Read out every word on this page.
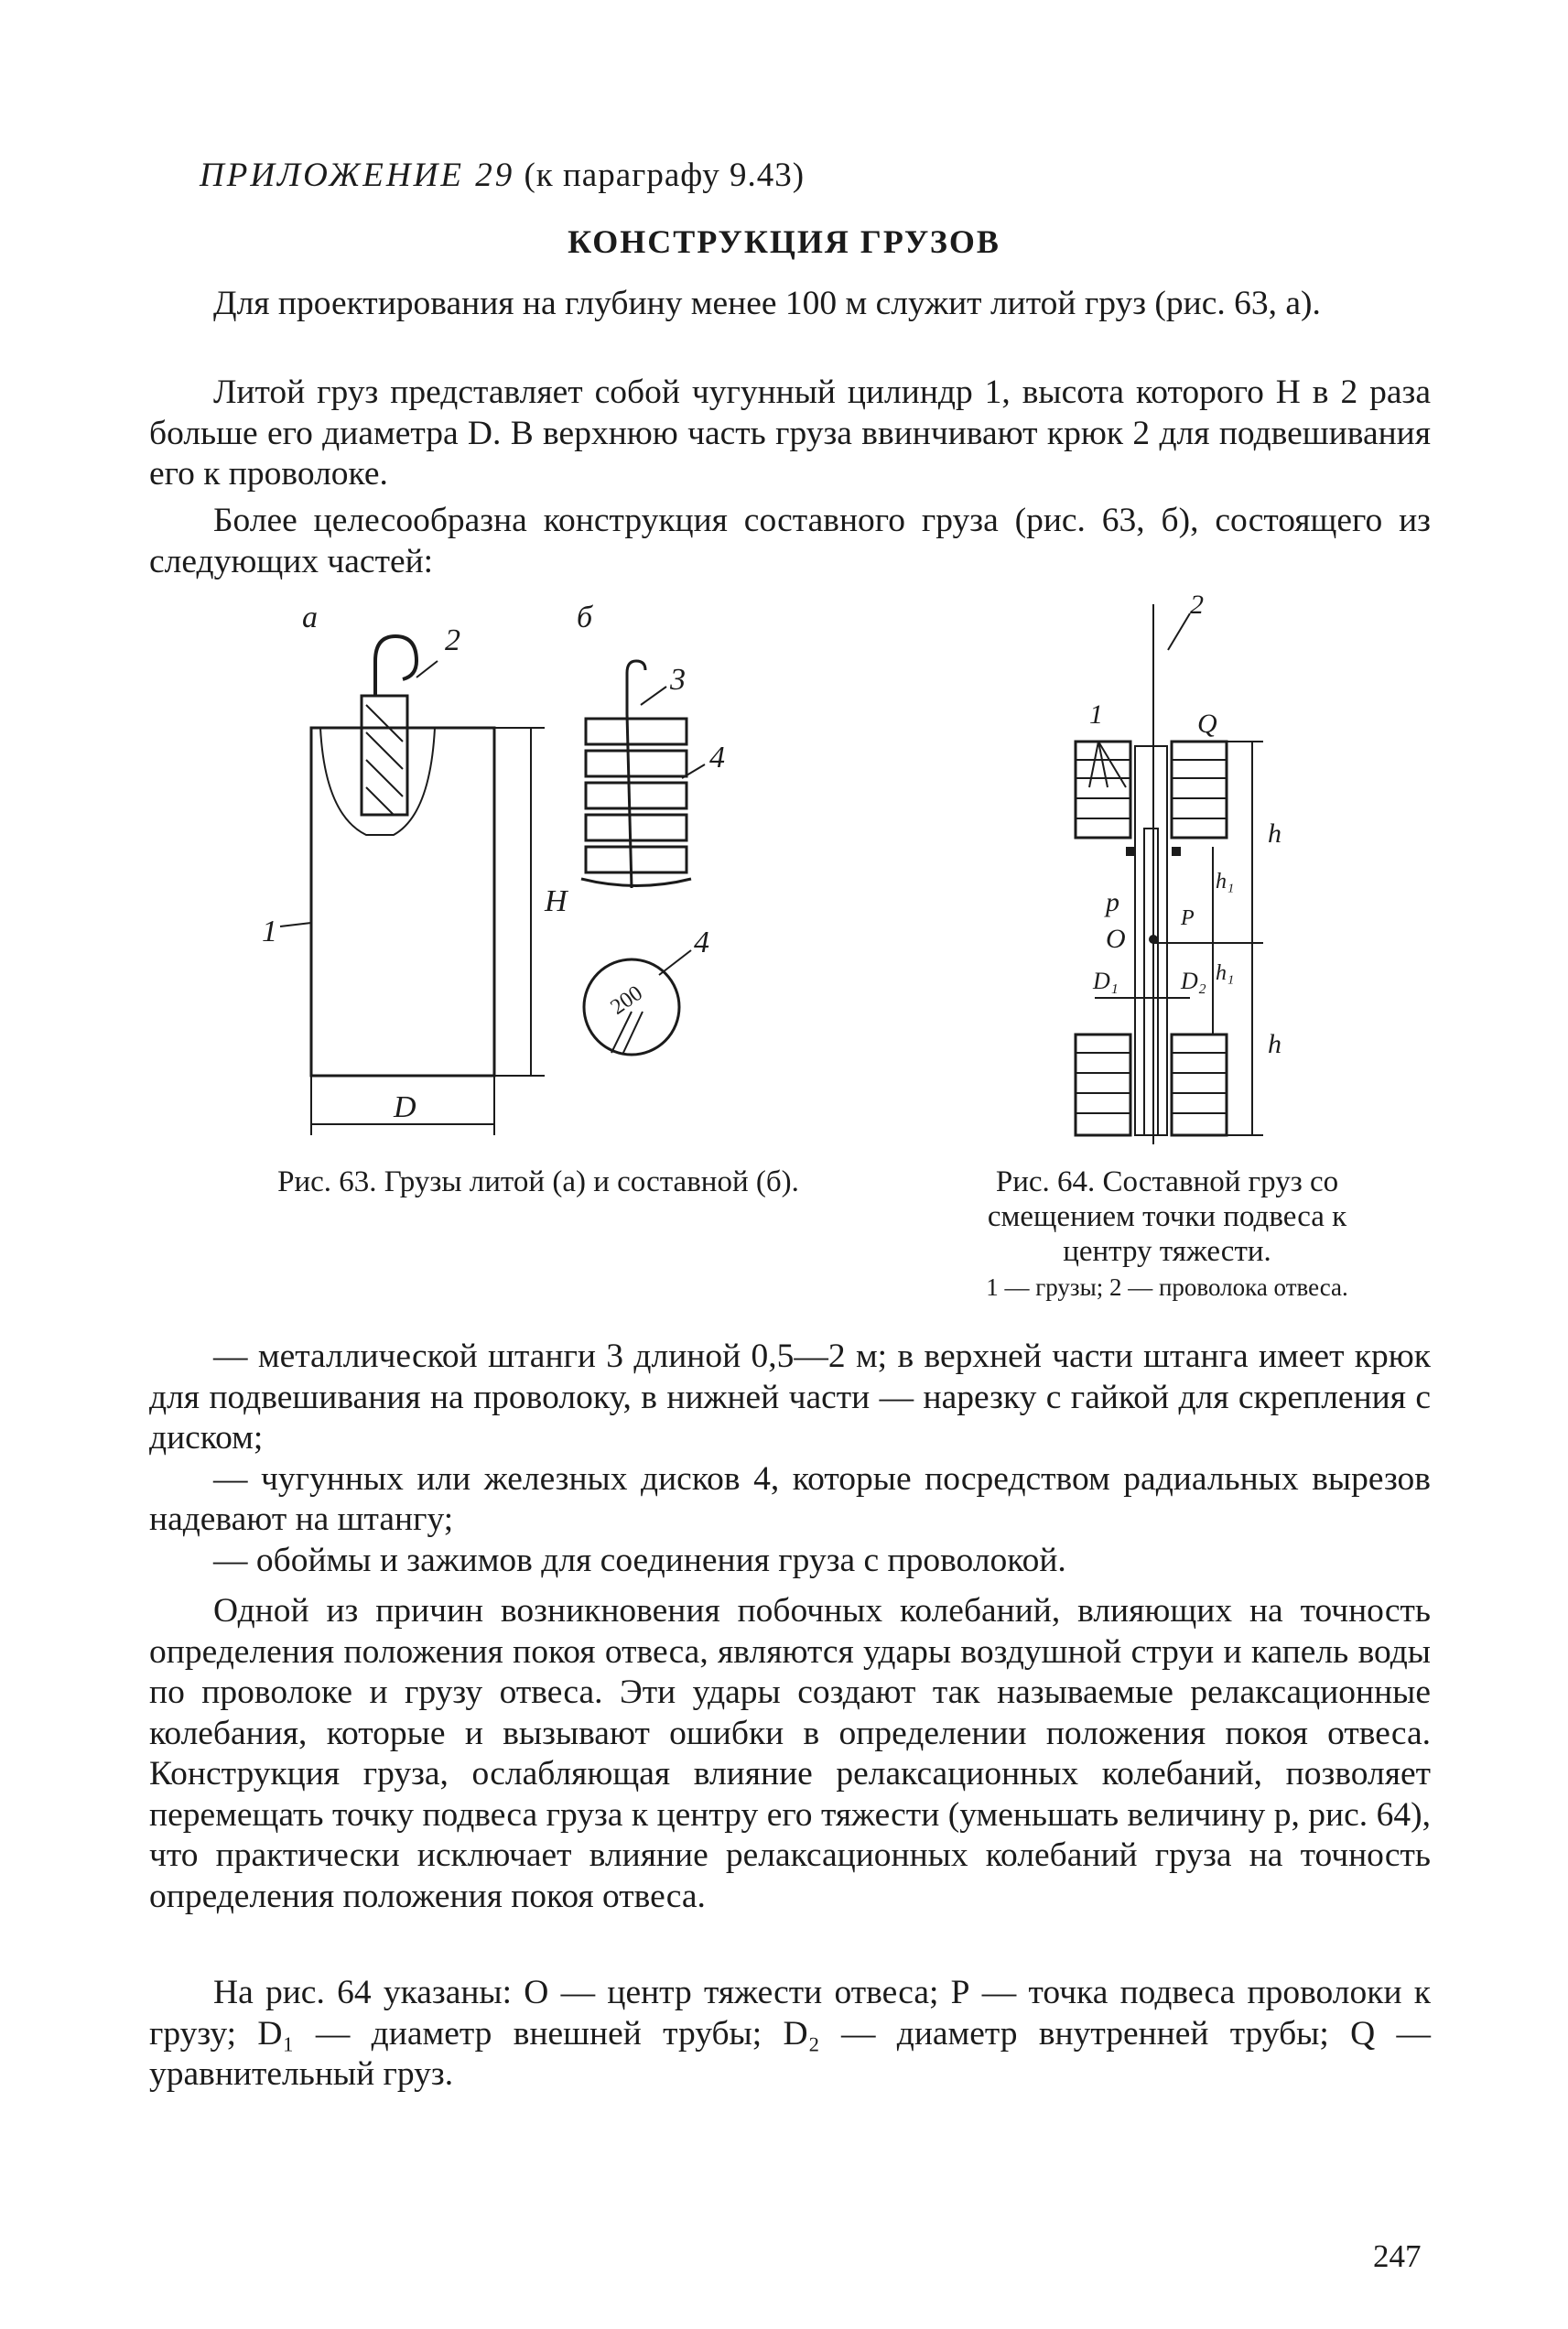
ПРИЛОЖЕНИЕ 29 (к параграфу 9.43)
КОНСТРУКЦИЯ ГРУЗОВ

Для проектирования на глубину менее 100 м служит литой груз (рис. 63, а).

Литой груз представляет собой чугунный цилиндр 1, высота которого Н в 2 раза больше его диаметра D. В верхнюю часть груза ввинчивают крюк 2 для подвешивания его к проволоке.

Более целесообразна конструкция составного груза (рис. 63, б), состоящего из следующих частей:

а
2
б
3
4
4
1
Н
D
200
2
1	Q
p
O
h
h
h₁
h₁
P
D₁	D₂
Рис. 63. Грузы литой (а) и составной (б).	Рис. 64. Составной груз со смещением точки подвеса к центру тяжести.
1 — грузы; 2 — проволока отвеса.

— металлической штанги 3 длиной 0,5—2 м; в верхней части штанга имеет крюк для подвешивания на проволоку, в нижней части — нарезку с гайкой для скрепления с диском;

— чугунных или железных дисков 4, которые посредством радиальных вырезов надевают на штангу;

— обоймы и зажимов для соединения груза с проволокой.

Одной из причин возникновения побочных колебаний, влияющих на точность определения положения покоя отвеса, являются удары воздушной струи и капель воды по проволоке и грузу отвеса. Эти удары создают так называемые релаксационные колебания, которые и вызывают ошибки в определении положения покоя отвеса. Конструкция груза, ослабляющая влияние релаксационных колебаний, позволяет перемещать точку подвеса груза к центру его тяжести (уменьшать величину р, рис. 64), что практически исключает влияние релаксационных колебаний груза на точность определения положения покоя отвеса.

На рис. 64 указаны: О — центр тяжести отвеса; Р — точка подвеса проволоки к грузу; D₁ — диаметр внешней трубы; D₂ — диаметр внутренней трубы; Q — уравнительный груз.

247
